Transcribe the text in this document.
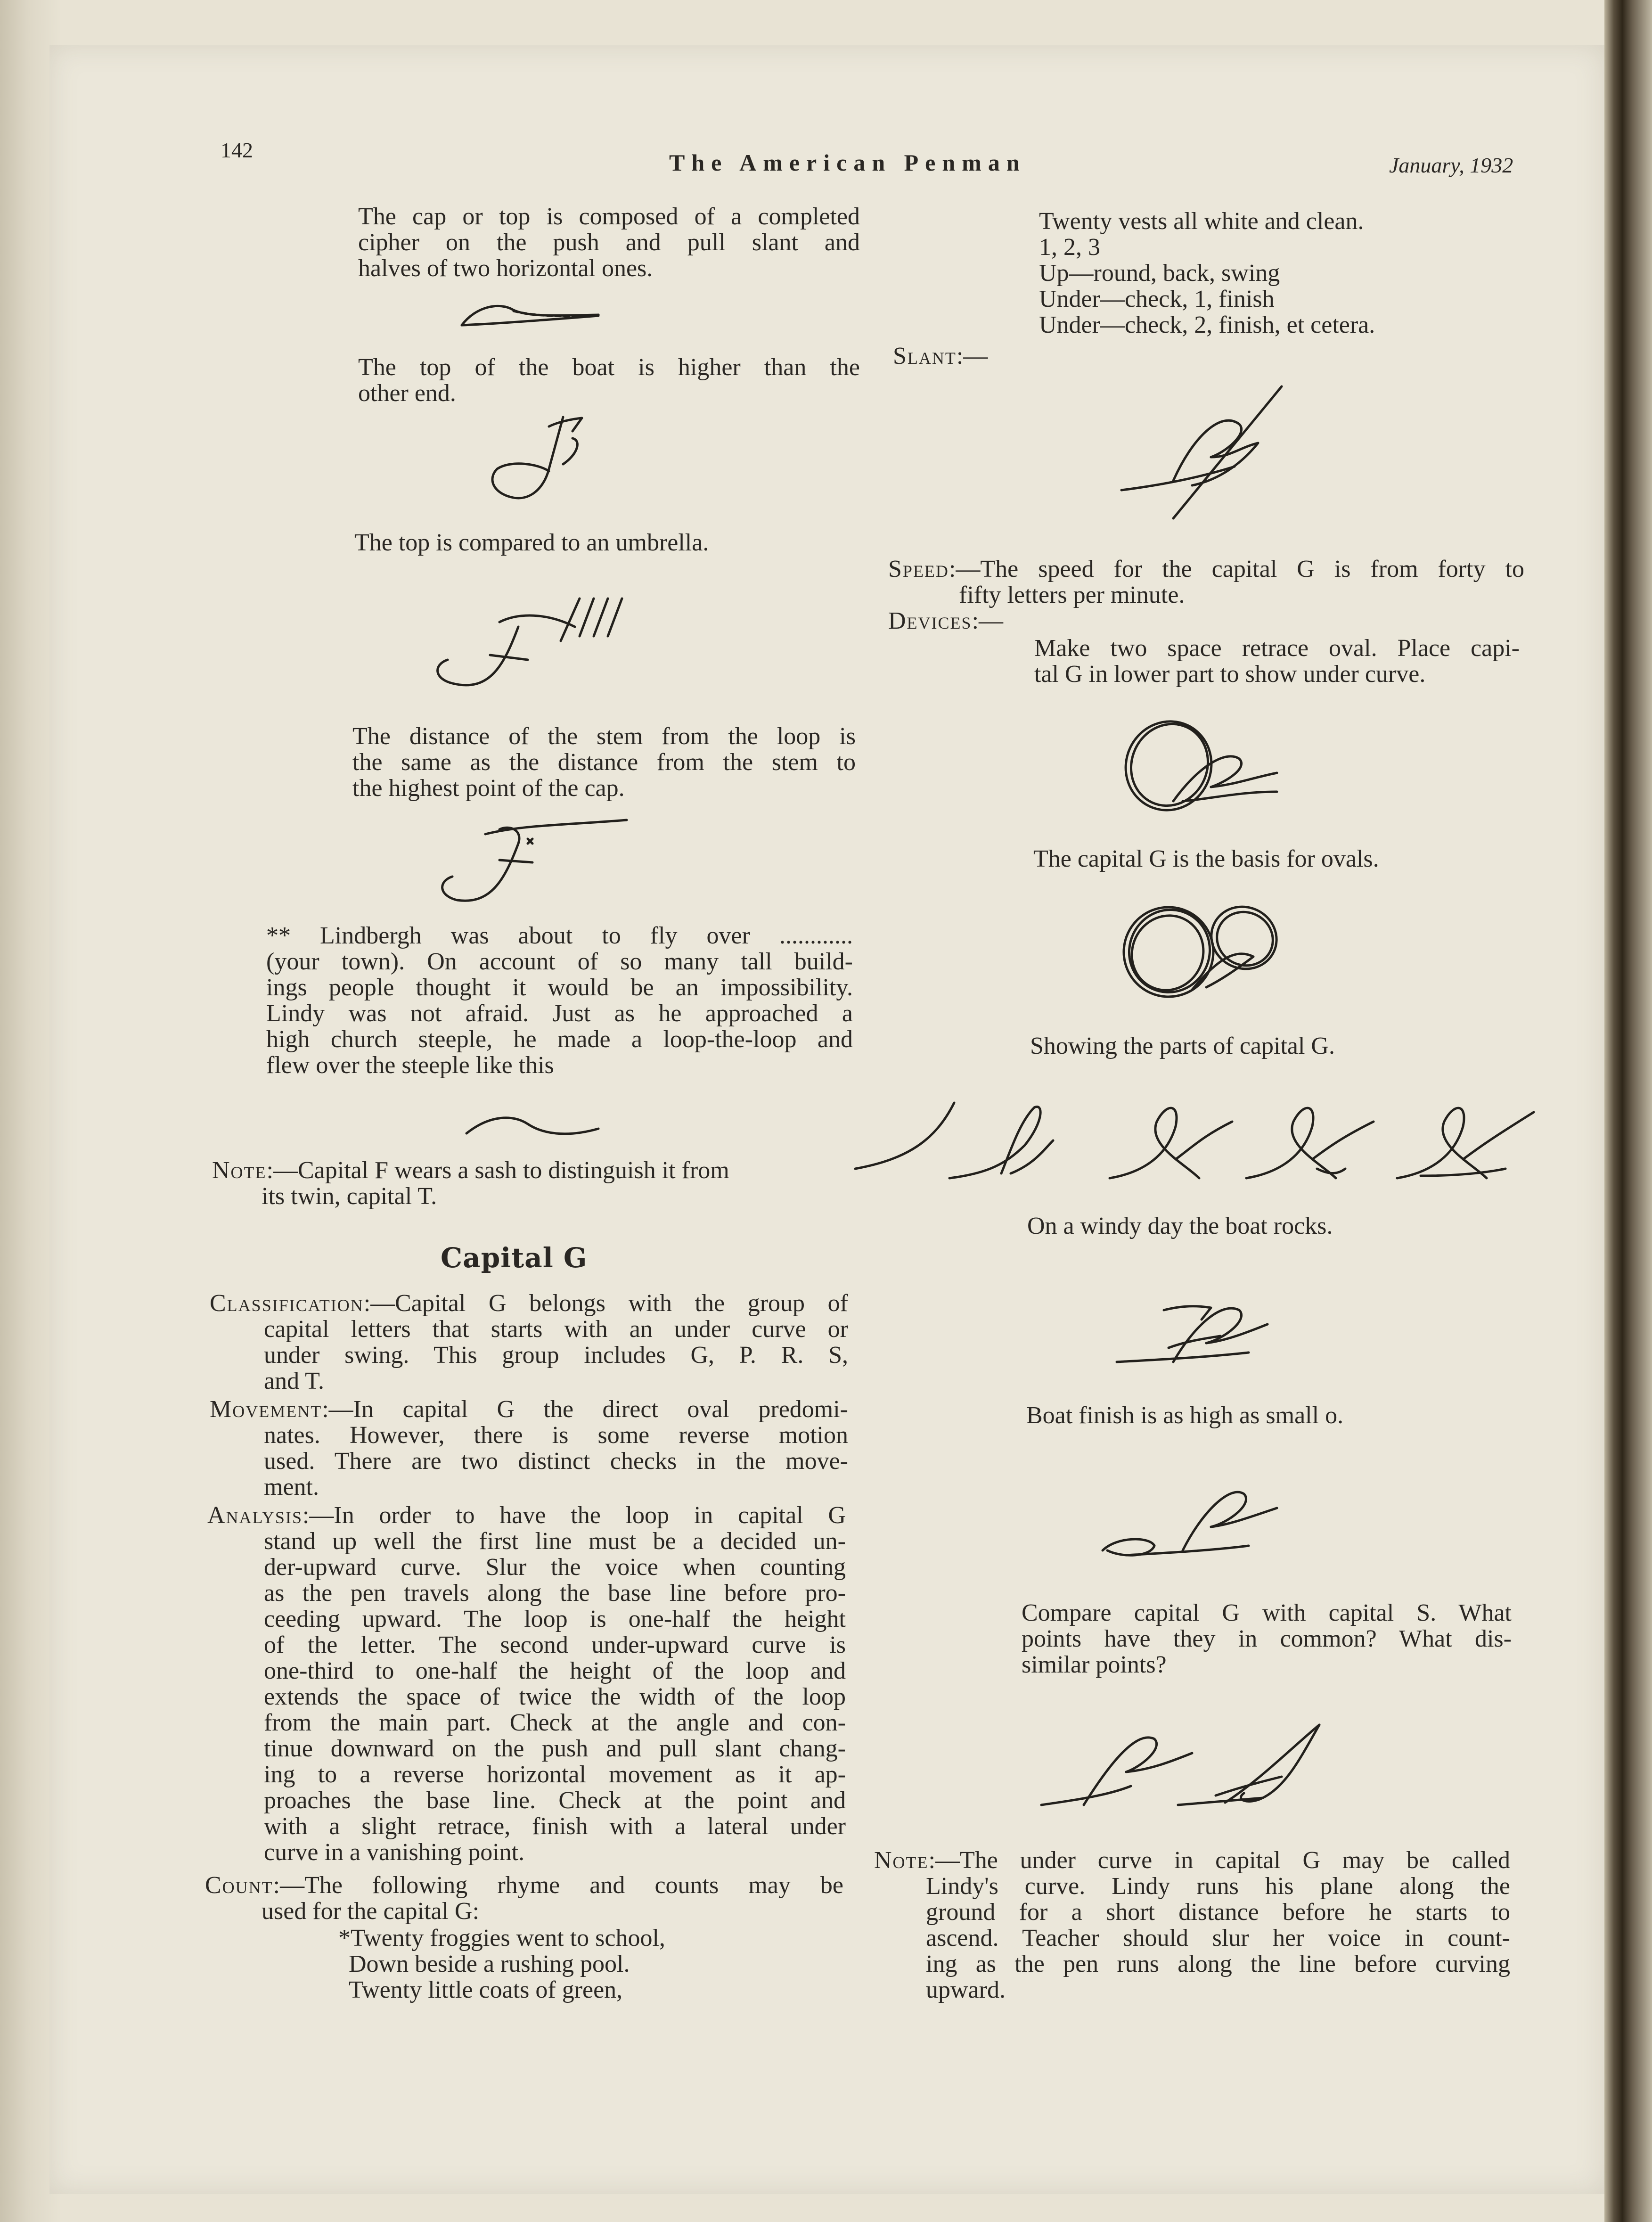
142	The American Penman	January, 1932
The cap or top is composed of a completed
cipher on the push and pull slant and
halves of two horizontal ones.
The top of the boat is higher than the
other end.
The top is compared to an umbrella.
The distance of the stem from the loop is
the same as the distance from the stem to
the highest point of the cap.
** Lindbergh was about to fly over ............
(your town). On account of so many tall build-
ings people thought it would be an impossibility.
Lindy was not afraid. Just as he approached a
high church steeple, he made a loop-the-loop and
flew over the steeple like this
Note:—Capital F wears a sash to distinguish it from
its twin, capital T.
Capital G
Classification:—Capital G belongs with the group of
capital letters that starts with an under curve or
under swing. This group includes G, P. R. S,
and T.
Movement:—In capital G the direct oval predomi-
nates. However, there is some reverse motion
used. There are two distinct checks in the move-
ment.
Analysis:—In order to have the loop in capital G
stand up well the first line must be a decided un-
der-upward curve. Slur the voice when counting
as the pen travels along the base line before pro-
ceeding upward. The loop is one-half the height
of the letter. The second under-upward curve is
one-third to one-half the height of the loop and
extends the space of twice the width of the loop
from the main part. Check at the angle and con-
tinue downward on the push and pull slant chang-
ing to a reverse horizontal movement as it ap-
proaches the base line. Check at the point and
with a slight retrace, finish with a lateral under
curve in a vanishing point.
Count:—The following rhyme and counts may be
used for the capital G:
*Twenty froggies went to school,
Down beside a rushing pool.
Twenty little coats of green,
Twenty vests all white and clean.
1, 2, 3
Up—round, back, swing
Under—check, 1, finish
Under—check, 2, finish, et cetera.
Slant:—
Speed:—The speed for the capital G is from forty to
fifty letters per minute.
Devices:—
Make two space retrace oval. Place capi-
tal G in lower part to show under curve.
The capital G is the basis for ovals.
Showing the parts of capital G.
On a windy day the boat rocks.
Boat finish is as high as small o.
Compare capital G with capital S. What
points have they in common? What dis-
similar points?
Note:—The under curve in capital G may be called
Lindy's curve. Lindy runs his plane along the
ground for a short distance before he starts to
ascend. Teacher should slur her voice in count-
ing as the pen runs along the line before curving
upward.
